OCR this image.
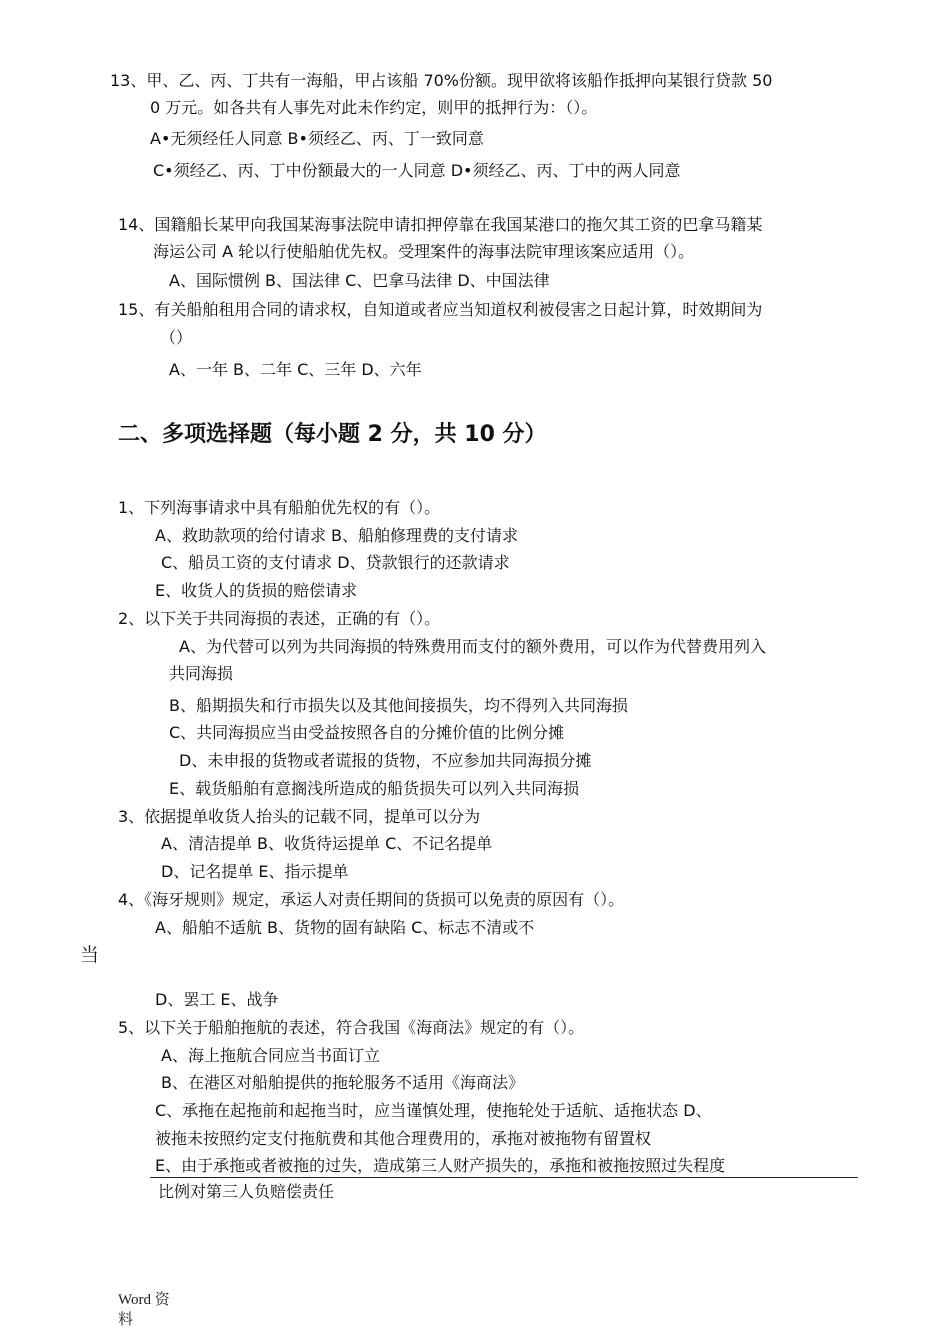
13、甲、乙、丙、丁共有一海船，甲占该船 70%份额。现甲欲将该船作抵押向某银行贷款 50
0 万元。如各共有人事先对此未作约定，则甲的抵押行为：（）。
A•无须经任人同意 B•须经乙、丙、丁一致同意
C•须经乙、丙、丁中份额最大的一人同意 D•须经乙、丙、丁中的两人同意
14、国籍船长某甲向我国某海事法院申请扣押停靠在我国某港口的拖欠其工资的巴拿马籍某
海运公司 A 轮以行使船舶优先权。受理案件的海事法院审理该案应适用（）。
A、国际惯例 B、国法律 C、巴拿马法律 D、中国法律
15、有关船舶租用合同的请求权，自知道或者应当知道权利被侵害之日起计算，时效期间为
（）
A、一年 B、二年 C、三年 D、六年
二、多项选择题（每小题 2 分，共 10 分）
1、下列海事请求中具有船舶优先权的有（）。
A、救助款项的给付请求 B、船舶修理费的支付请求
C、船员工资的支付请求 D、贷款银行的还款请求
E、收货人的货损的赔偿请求
2、以下关于共同海损的表述，正确的有（）。
A、为代替可以列为共同海损的特殊费用而支付的额外费用，可以作为代替费用列入
共同海损
B、船期损失和行市损失以及其他间接损失，均不得列入共同海损
C、共同海损应当由受益按照各自的分摊价值的比例分摊
D、未申报的货物或者谎报的货物，不应参加共同海损分摊
E、载货船舶有意搁浅所造成的船货损失可以列入共同海损
3、依据提单收货人抬头的记载不同，提单可以分为
A、清洁提单 B、收货待运提单 C、不记名提单
D、记名提单 E、指示提单
4、《海牙规则》规定，承运人对责任期间的货损可以免责的原因有（）。
A、船舶不适航 B、货物的固有缺陷 C、标志不清或不
当
D、罢工 E、战争
5、以下关于船舶拖航的表述，符合我国《海商法》规定的有（）。
A、海上拖航合同应当书面订立
B、在港区对船舶提供的拖轮服务不适用《海商法》
C、承拖在起拖前和起拖当时，应当谨慎处理，使拖轮处于适航、适拖状态 D、
被拖未按照约定支付拖航费和其他合理费用的，承拖对被拖物有留置权
E、由于承拖或者被拖的过失，造成第三人财产损失的，承拖和被拖按照过失程度
比例对第三人负赔偿责任
Word 资
料
